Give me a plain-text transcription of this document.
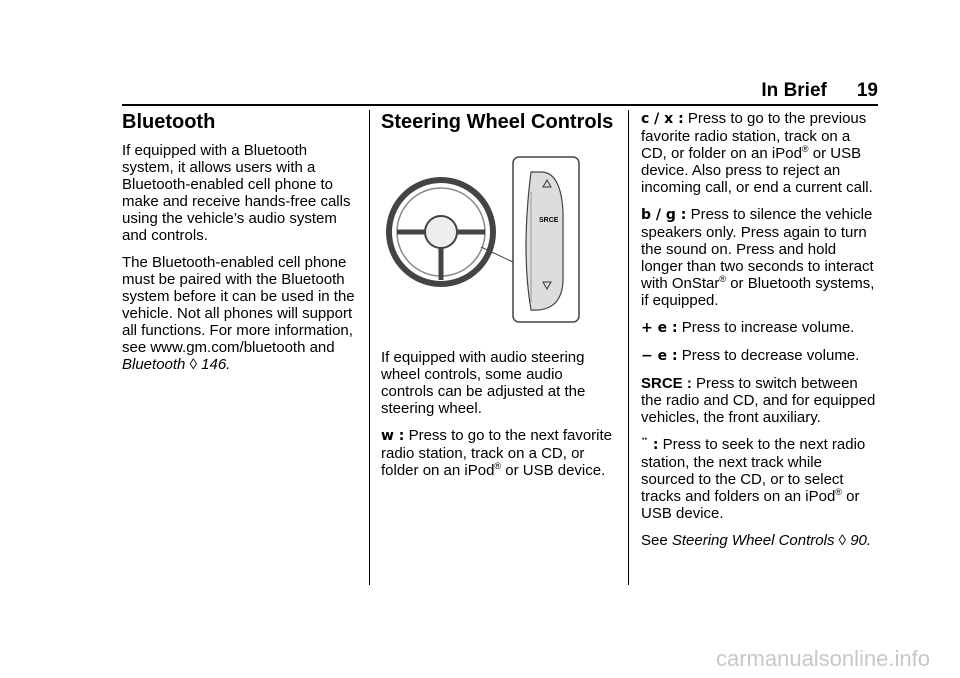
In Brief 19
Bluetooth

If equipped with a Bluetooth system, it allows users with a Bluetooth-enabled cell phone to make and receive hands-free calls using the vehicle’s audio system and controls.

The Bluetooth-enabled cell phone must be paired with the Bluetooth system before it can be used in the vehicle. Not all phones will support all functions. For more information, see www.gm.com/bluetooth and Bluetooth ◊ 146.

Steering Wheel Controls
SRCE

If equipped with audio steering wheel controls, some audio controls can be adjusted at the steering wheel.

w : Press to go to the next favorite radio station, track on a CD, or folder on an iPod® or USB device.

c / x : Press to go to the previous favorite radio station, track on a CD, or folder on an iPod® or USB device. Also press to reject an incoming call, or end a current call.

b / g : Press to silence the vehicle speakers only. Press again to turn the sound on. Press and hold longer than two seconds to interact with OnStar® or Bluetooth systems, if equipped.

+ e : Press to increase volume.

− e : Press to decrease volume.

SRCE : Press to switch between the radio and CD, and for equipped vehicles, the front auxiliary.

¨ : Press to seek to the next radio station, the next track while sourced to the CD, or to select tracks and folders on an iPod® or USB device.

See Steering Wheel Controls ◊ 90.

carmanualsonline.info
